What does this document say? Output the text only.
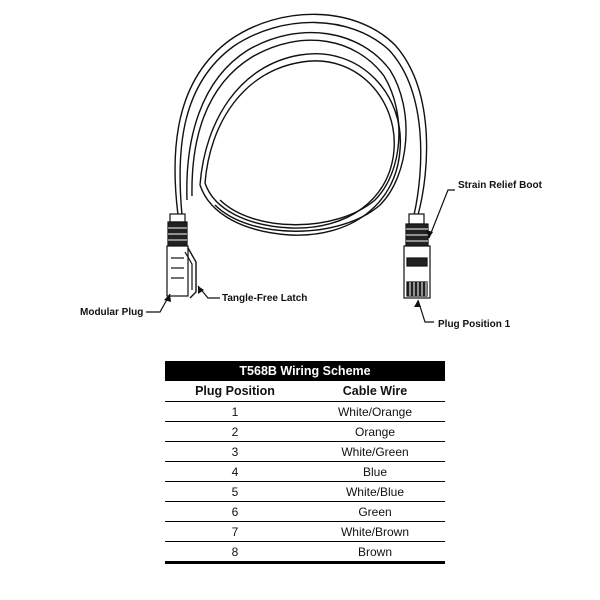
Strain Relief Boot
Modular Plug
Tangle-Free Latch
Plug Position 1
T568B Wiring Scheme	
Plug Position	Cable Wire
1	White/Orange
2	Orange
3	White/Green
4	Blue
5	White/Blue
6	Green
7	White/Brown
8	Brown
